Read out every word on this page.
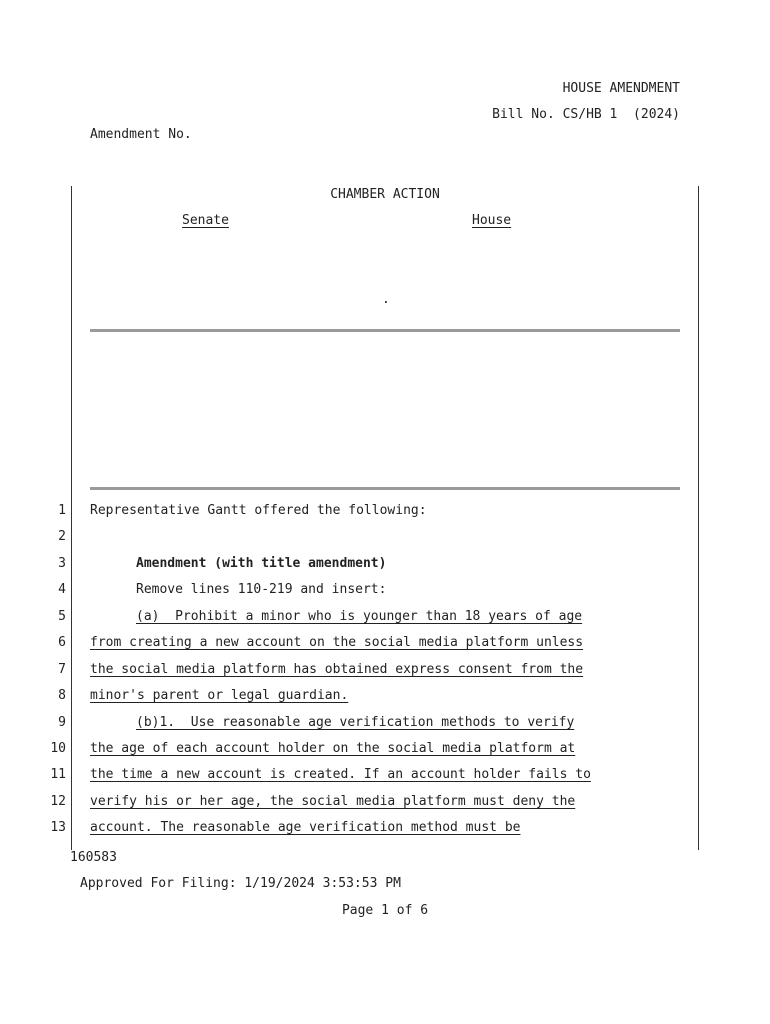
HOUSE AMENDMENT
Bill No. CS/HB 1  (2024)
Amendment No.
CHAMBER ACTION
Senate	House
.
1
2
3
4
5
6
7
8
9
10
11
12
13
Representative Gantt offered the following:
Amendment (with title amendment)
Remove lines 110-219 and insert:
(a)  Prohibit a minor who is younger than 18 years of age
from creating a new account on the social media platform unless
the social media platform has obtained express consent from the
minor's parent or legal guardian.
(b)1.  Use reasonable age verification methods to verify
the age of each account holder on the social media platform at
the time a new account is created. If an account holder fails to
verify his or her age, the social media platform must deny the
account. The reasonable age verification method must be
160583
Approved For Filing: 1/19/2024 3:53:53 PM
Page 1 of 6
